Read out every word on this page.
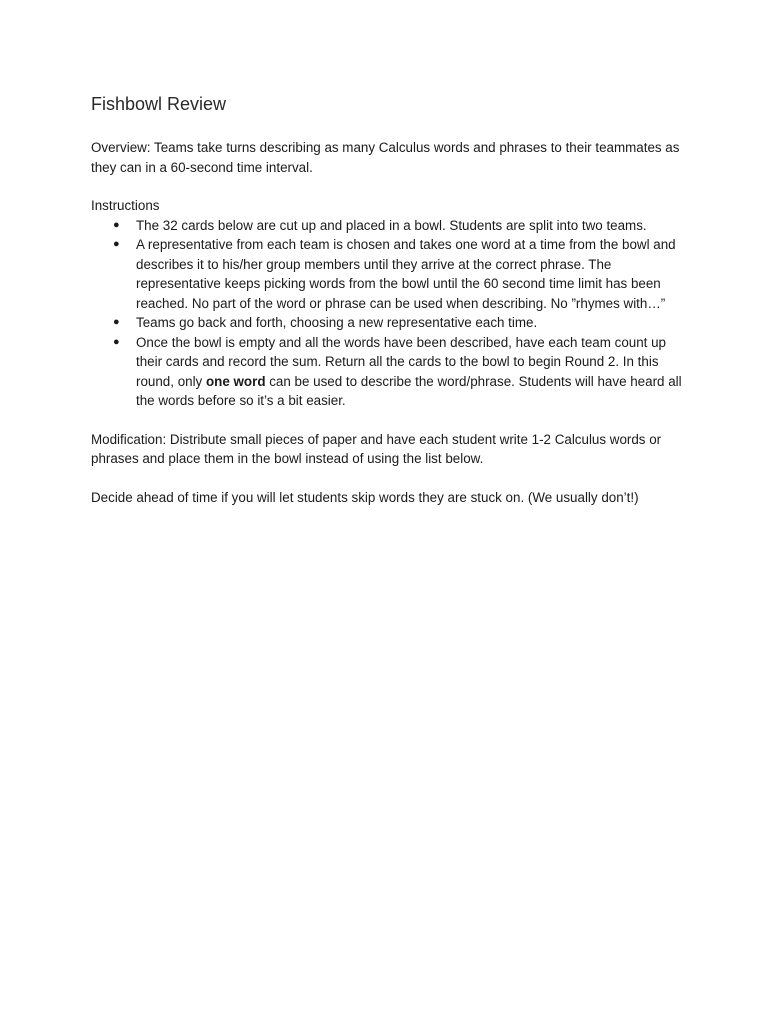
Fishbowl Review

Overview: Teams take turns describing as many Calculus words and phrases to their teammates as they can in a 60-second time interval.

Instructions

● The 32 cards below are cut up and placed in a bowl. Students are split into two teams.
● A representative from each team is chosen and takes one word at a time from the bowl and describes it to his/her group members until they arrive at the correct phrase. The representative keeps picking words from the bowl until the 60 second time limit has been reached. No part of the word or phrase can be used when describing. No ”rhymes with…”
● Teams go back and forth, choosing a new representative each time.
● Once the bowl is empty and all the words have been described, have each team count up their cards and record the sum. Return all the cards to the bowl to begin Round 2. In this round, only one word can be used to describe the word/phrase. Students will have heard all the words before so it’s a bit easier.

Modification: Distribute small pieces of paper and have each student write 1-2 Calculus words or phrases and place them in the bowl instead of using the list below.

Decide ahead of time if you will let students skip words they are stuck on. (We usually don’t!)
